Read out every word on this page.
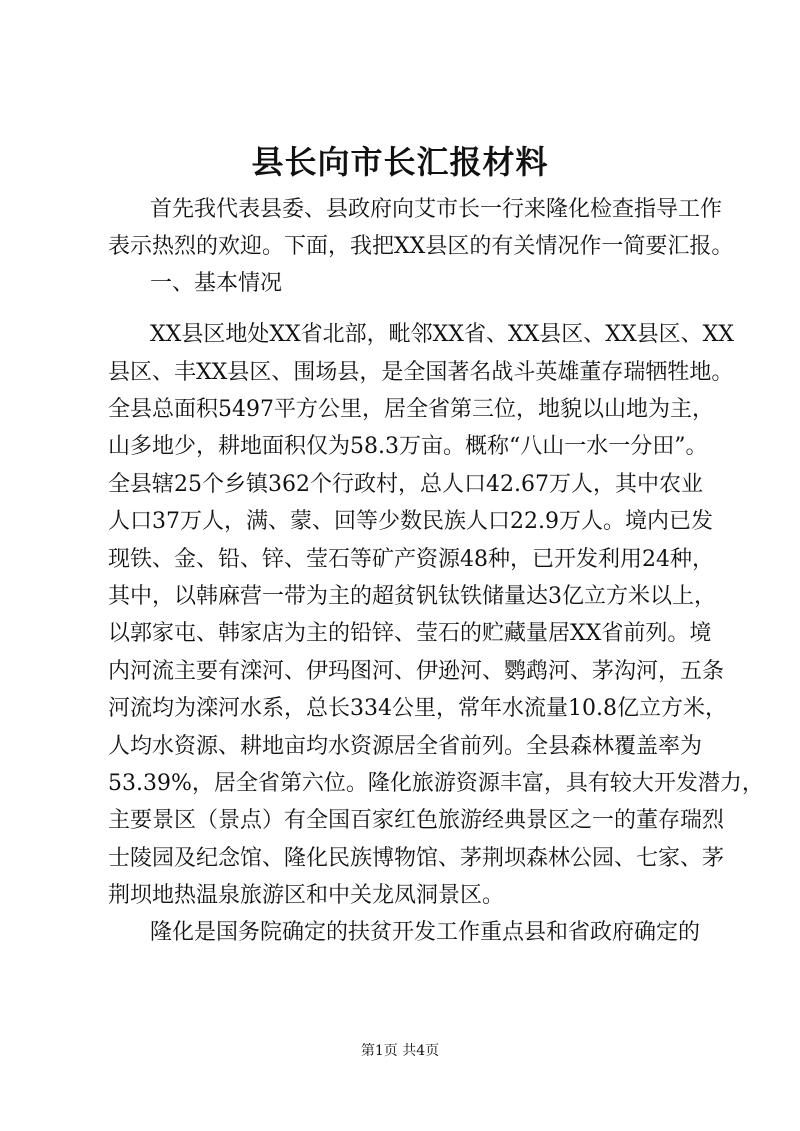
县长向市长汇报材料

首先我代表县委、县政府向艾市长一行来隆化检查指导工作

表示热烈的欢迎。下面，我把XX县区的有关情况作一简要汇报。

一、基本情况

XX县区地处XX省北部，毗邻XX省、XX县区、XX县区、XX

县区、丰XX县区、围场县，是全国著名战斗英雄董存瑞牺牲地。

全县总面积5497平方公里，居全省第三位，地貌以山地为主，

山多地少，耕地面积仅为58.3万亩。概称“八山一水一分田”。

全县辖25个乡镇362个行政村，总人口42.67万人，其中农业

人口37万人，满、蒙、回等少数民族人口22.9万人。境内已发

现铁、金、铅、锌、莹石等矿产资源48种，已开发利用24种，

其中，以韩麻营一带为主的超贫钒钛铁储量达3亿立方米以上，

以郭家屯、韩家店为主的铅锌、莹石的贮藏量居XX省前列。境

内河流主要有滦河、伊玛图河、伊逊河、鹦鹉河、茅沟河，五条

河流均为滦河水系，总长334公里，常年水流量10.8亿立方米，

人均水资源、耕地亩均水资源居全省前列。全县森林覆盖率为

53.39%，居全省第六位。隆化旅游资源丰富，具有较大开发潜力，

主要景区（景点）有全国百家红色旅游经典景区之一的董存瑞烈

士陵园及纪念馆、隆化民族博物馆、茅荆坝森林公园、七家、茅

荆坝地热温泉旅游区和中关龙凤洞景区。

隆化是国务院确定的扶贫开发工作重点县和省政府确定的

第1页 共4页
